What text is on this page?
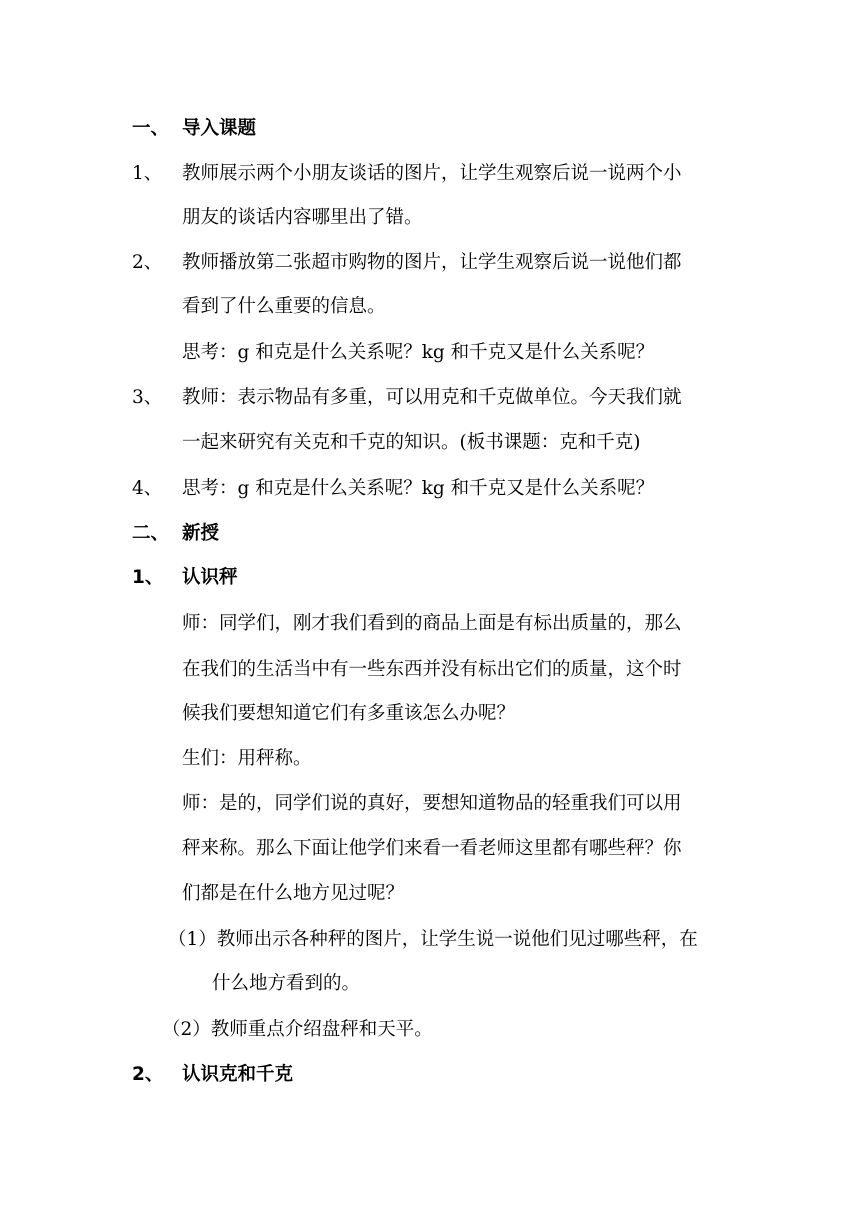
一、 导入课题
1、 教师展示两个小朋友谈话的图片，让学生观察后说一说两个小
朋友的谈话内容哪里出了错。
2、 教师播放第二张超市购物的图片，让学生观察后说一说他们都
看到了什么重要的信息。
思考：g 和克是什么关系呢？kg 和千克又是什么关系呢？
3、 教师：表示物品有多重，可以用克和千克做单位。今天我们就
一起来研究有关克和千克的知识。(板书课题：克和千克)
4、 思考：g 和克是什么关系呢？kg 和千克又是什么关系呢？
二、 新授
1、 认识秤
师：同学们，刚才我们看到的商品上面是有标出质量的，那么
在我们的生活当中有一些东西并没有标出它们的质量，这个时
候我们要想知道它们有多重该怎么办呢？
生们：用秤称。
师：是的，同学们说的真好，要想知道物品的轻重我们可以用
秤来称。那么下面让他学们来看一看老师这里都有哪些秤？你
们都是在什么地方见过呢？
（1）教师出示各种秤的图片，让学生说一说他们见过哪些秤，在
什么地方看到的。
（2）教师重点介绍盘秤和天平。
2、 认识克和千克
